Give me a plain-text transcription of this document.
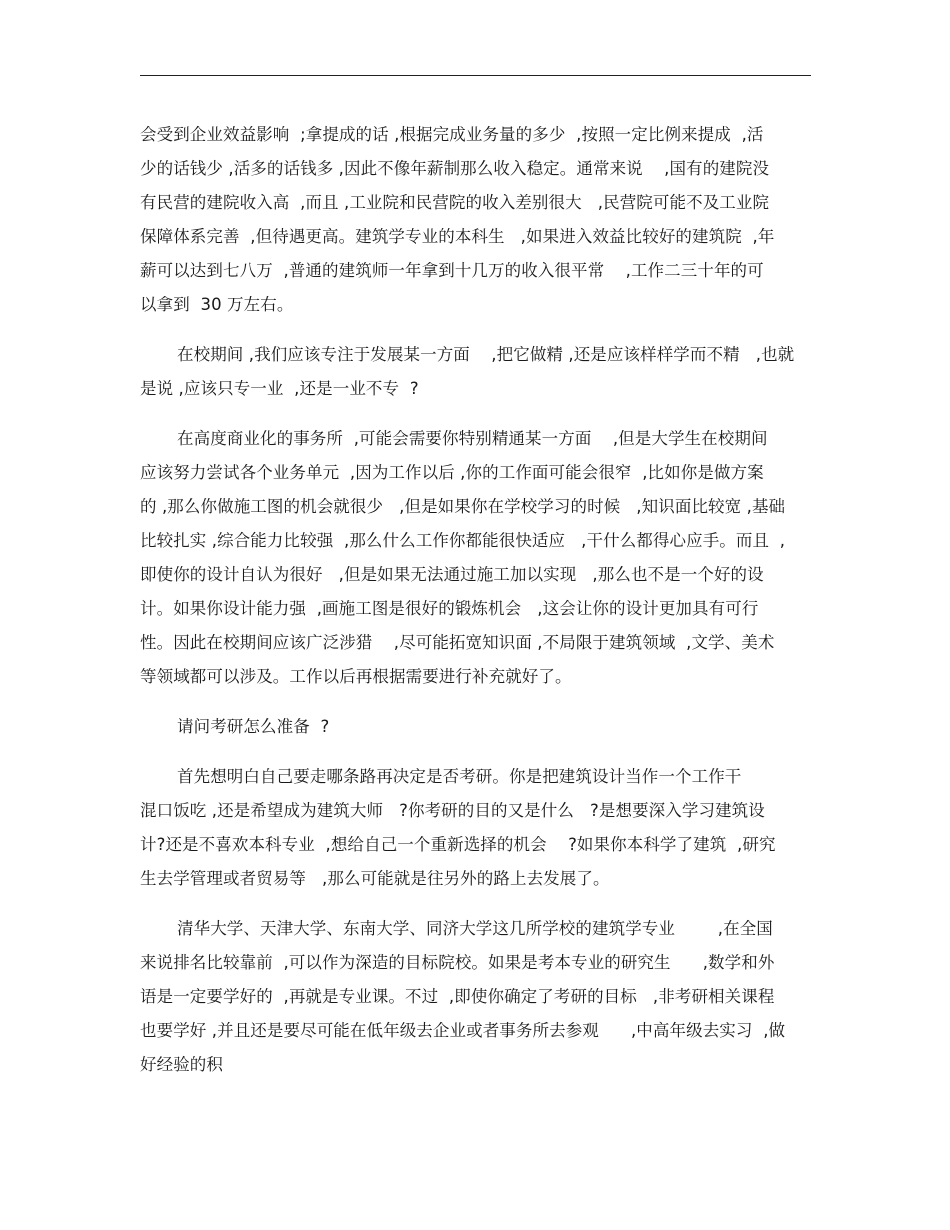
会受到企业效益影响  ;拿提成的话 ,根据完成业务量的多少  ,按照一定比例来提成  ,活
少的话钱少 ,活多的话钱多 ,因此不像年薪制那么收入稳定。通常来说    ,国有的建院没
有民营的建院收入高  ,而且 ,工业院和民营院的收入差别很大   ,民营院可能不及工业院
保障体系完善  ,但待遇更高。建筑学专业的本科生   ,如果进入效益比较好的建筑院  ,年
薪可以达到七八万  ,普通的建筑师一年拿到十几万的收入很平常    ,工作二三十年的可
以拿到  30 万左右。
在校期间 ,我们应该专注于发展某一方面    ,把它做精 ,还是应该样样学而不精   ,也就
是说 ,应该只专一业  ,还是一业不专  ?
在高度商业化的事务所  ,可能会需要你特别精通某一方面    ,但是大学生在校期间
应该努力尝试各个业务单元  ,因为工作以后 ,你的工作面可能会很窄  ,比如你是做方案
的 ,那么你做施工图的机会就很少   ,但是如果你在学校学习的时候   ,知识面比较宽 ,基础
比较扎实 ,综合能力比较强  ,那么什么工作你都能很快适应   ,干什么都得心应手。而且  ,
即使你的设计自认为很好   ,但是如果无法通过施工加以实现   ,那么也不是一个好的设
计。如果你设计能力强  ,画施工图是很好的锻炼机会   ,这会让你的设计更加具有可行
性。因此在校期间应该广泛涉猎    ,尽可能拓宽知识面 ,不局限于建筑领域  ,文学、美术
等领域都可以涉及。工作以后再根据需要进行补充就好了。
请问考研怎么准备  ?
首先想明白自己要走哪条路再决定是否考研。你是把建筑设计当作一个工作干
混口饭吃 ,还是希望成为建筑大师   ?你考研的目的又是什么   ?是想要深入学习建筑设
计?还是不喜欢本科专业  ,想给自己一个重新选择的机会    ?如果你本科学了建筑  ,研究
生去学管理或者贸易等   ,那么可能就是往另外的路上去发展了。
清华大学、天津大学、东南大学、同济大学这几所学校的建筑学专业        ,在全国
来说排名比较靠前  ,可以作为深造的目标院校。如果是考本专业的研究生      ,数学和外
语是一定要学好的  ,再就是专业课。不过  ,即使你确定了考研的目标   ,非考研相关课程
也要学好 ,并且还是要尽可能在低年级去企业或者事务所去参观      ,中高年级去实习  ,做
好经验的积
